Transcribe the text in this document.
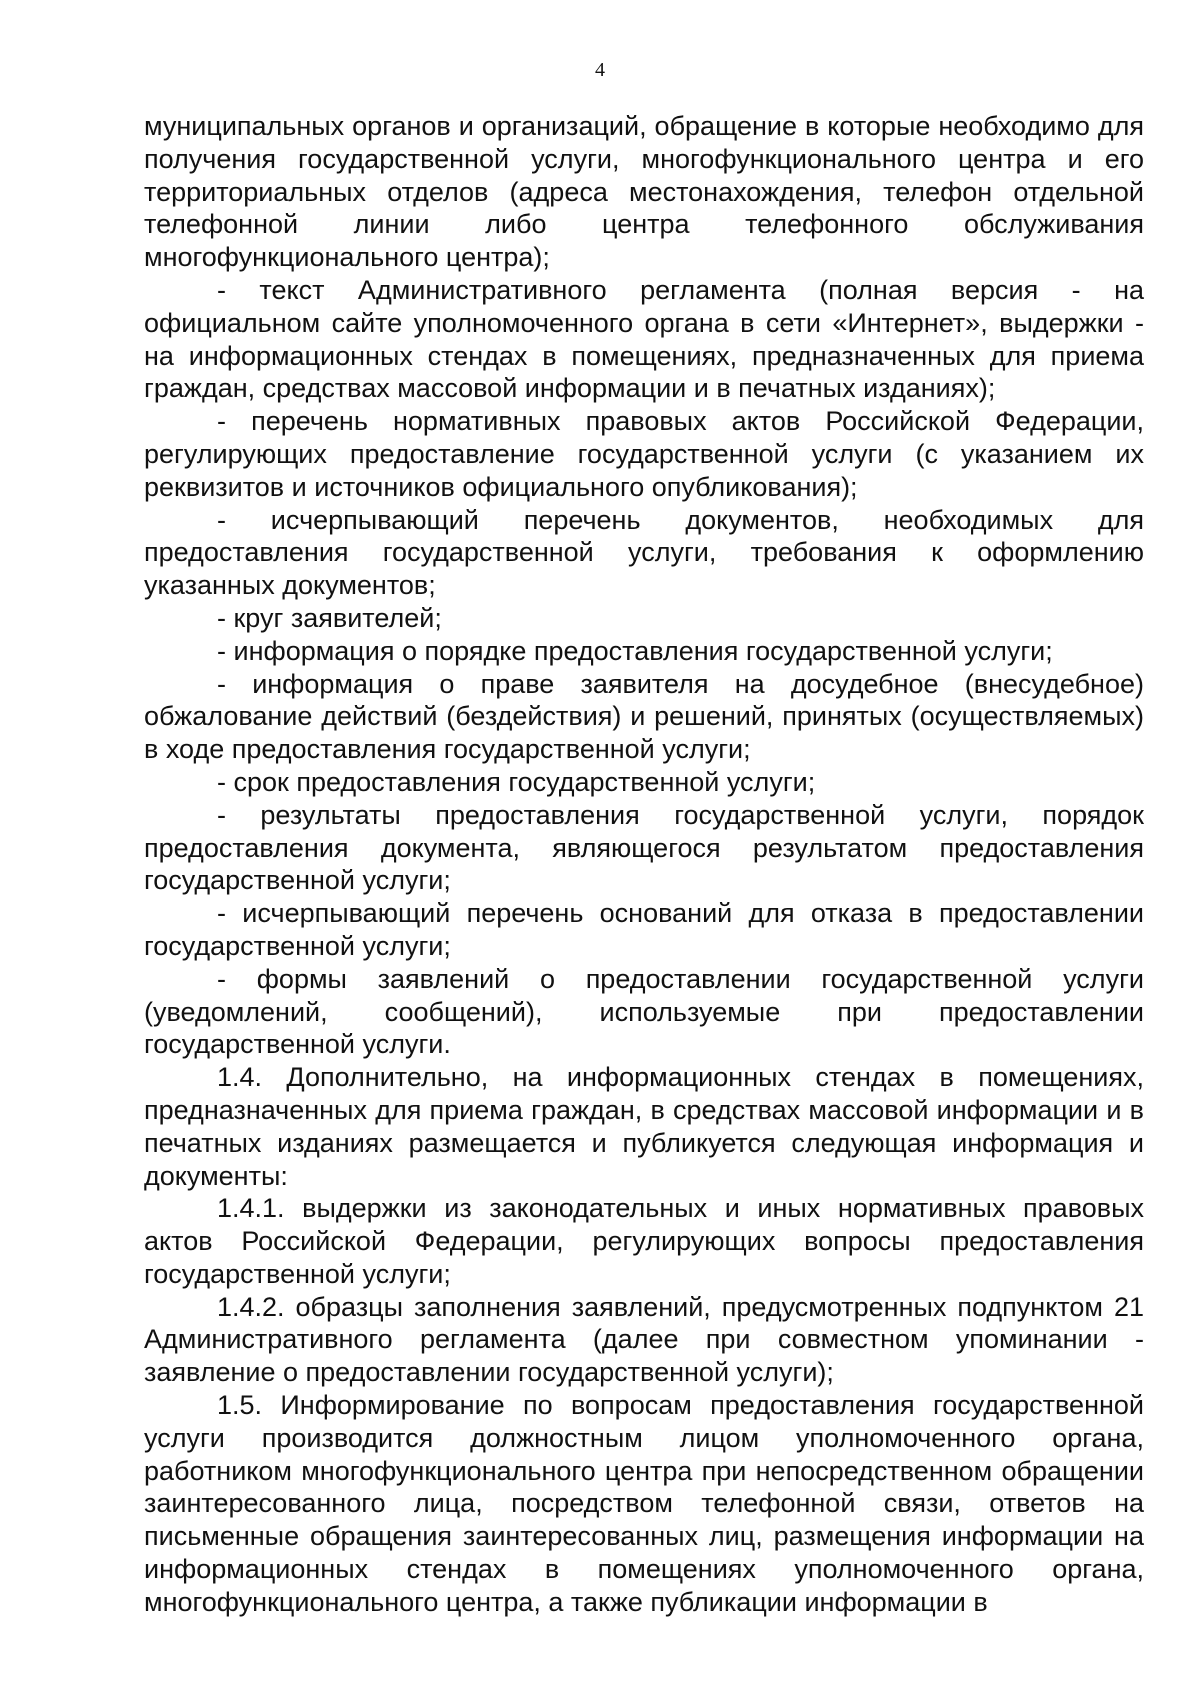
4

муниципальных органов и организаций, обращение в которые необходимо для получения государственной услуги, многофункционального центра и его территориальных отделов (адреса местонахождения, телефон отдельной телефонной линии либо центра телефонного обслуживания многофункционального центра);

- текст Административного регламента (полная версия - на официальном сайте уполномоченного органа в сети «Интернет», выдержки - на информационных стендах в помещениях, предназначенных для приема граждан, средствах массовой информации и в печатных изданиях);

- перечень нормативных правовых актов Российской Федерации, регулирующих предоставление государственной услуги (с указанием их реквизитов и источников официального опубликования);

- исчерпывающий перечень документов, необходимых для предоставления государственной услуги, требования к оформлению указанных документов;

- круг заявителей;

- информация о порядке предоставления государственной услуги;

- информация о праве заявителя на досудебное (внесудебное) обжалование действий (бездействия) и решений, принятых (осуществляемых) в ходе предоставления государственной услуги;

- срок предоставления государственной услуги;

- результаты предоставления государственной услуги, порядок предоставления документа, являющегося результатом предоставления государственной услуги;

- исчерпывающий перечень оснований для отказа в предоставлении государственной услуги;

- формы заявлений о предоставлении государственной услуги (уведомлений, сообщений), используемые при предоставлении государственной услуги.

1.4. Дополнительно, на информационных стендах в помещениях, предназначенных для приема граждан, в средствах массовой информации и в печатных изданиях размещается и публикуется следующая информация и документы:

1.4.1. выдержки из законодательных и иных нормативных правовых актов Российской Федерации, регулирующих вопросы предоставления государственной услуги;

1.4.2. образцы заполнения заявлений, предусмотренных подпунктом 21 Административного регламента (далее при совместном упоминании - заявление о предоставлении государственной услуги);

1.5. Информирование по вопросам предоставления государственной услуги производится должностным лицом уполномоченного органа, работником многофункционального центра при непосредственном обращении заинтересованного лица, посредством телефонной связи, ответов на письменные обращения заинтересованных лиц, размещения информации на информационных стендах в помещениях уполномоченного органа, многофункционального центра, а также публикации информации в
